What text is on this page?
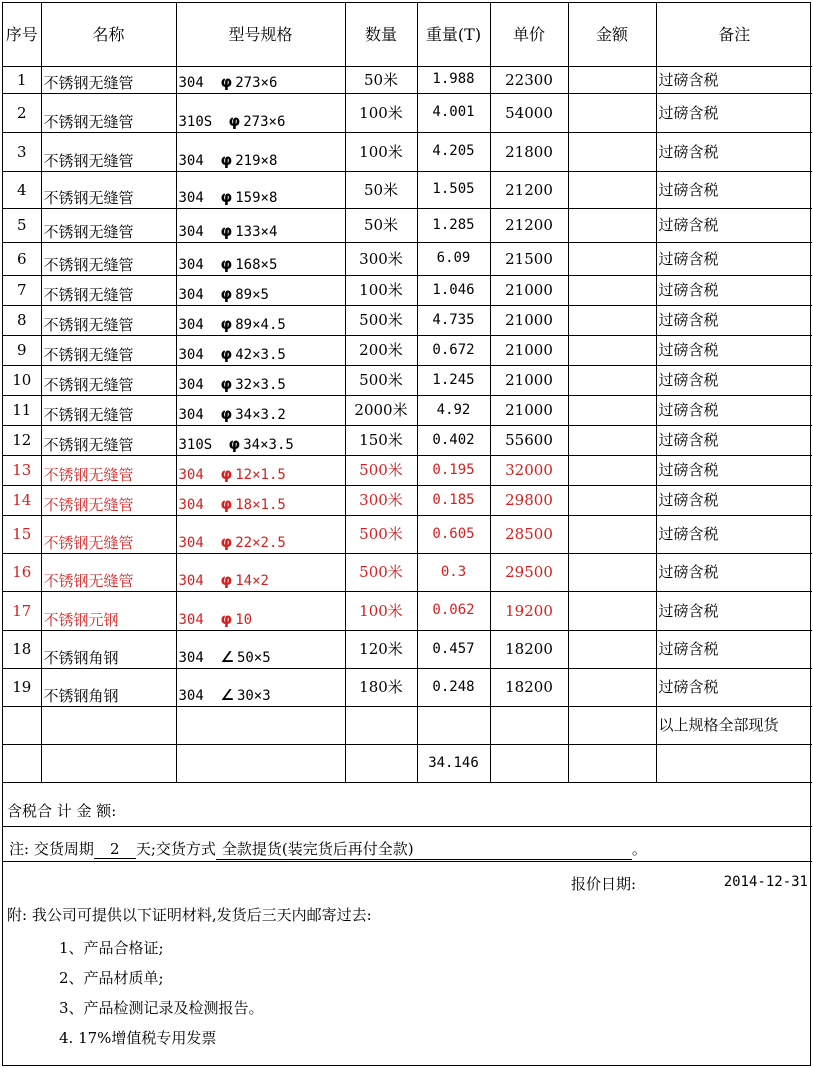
序号	名称	型号规格	数量	重量(T)	单价	金额	备注
1	不锈钢无缝管	304 φ 273×6	50米	1.988	22300		过磅含税
2	不锈钢无缝管	310S φ 273×6	100米	4.001	54000		过磅含税
3	不锈钢无缝管	304 φ 219×8	100米	4.205	21800		过磅含税
4	不锈钢无缝管	304 φ 159×8	50米	1.505	21200		过磅含税
5	不锈钢无缝管	304 φ 133×4	50米	1.285	21200		过磅含税
6	不锈钢无缝管	304 φ 168×5	300米	6.09	21500		过磅含税
7	不锈钢无缝管	304 φ 89×5	100米	1.046	21000		过磅含税
8	不锈钢无缝管	304 φ 89×4.5	500米	4.735	21000		过磅含税
9	不锈钢无缝管	304 φ 42×3.5	200米	0.672	21000		过磅含税
10	不锈钢无缝管	304 φ 32×3.5	500米	1.245	21000		过磅含税
11	不锈钢无缝管	304 φ 34×3.2	2000米	4.92	21000		过磅含税
12	不锈钢无缝管	310S φ 34×3.5	150米	0.402	55600		过磅含税
13	不锈钢无缝管	304 φ 12×1.5	500米	0.195	32000		过磅含税
14	不锈钢无缝管	304 φ 18×1.5	300米	0.185	29800		过磅含税
15	不锈钢无缝管	304 φ 22×2.5	500米	0.605	28500		过磅含税
16	不锈钢无缝管	304 φ 14×2	500米	0.3	29500		过磅含税
17	不锈钢元钢	304 φ 10	100米	0.062	19200		过磅含税
18	不锈钢角钢	304 ∠ 50×5	120米	0.457	18200		过磅含税
19	不锈钢角钢	304 ∠ 30×3	180米	0.248	18200		过磅含税
							以上规格全部现货
				34.146			
含税合 计 金 额:
注: 交货周期 2 天;交货方式 全款提货(装完货后再付全款)	。
报价日期:	2014-12-31
附: 我公司可提供以下证明材料,发货后三天内邮寄过去:
1、产品合格证;
2、产品材质单;
3、产品检测记录及检测报告。
4. 17%增值税专用发票
